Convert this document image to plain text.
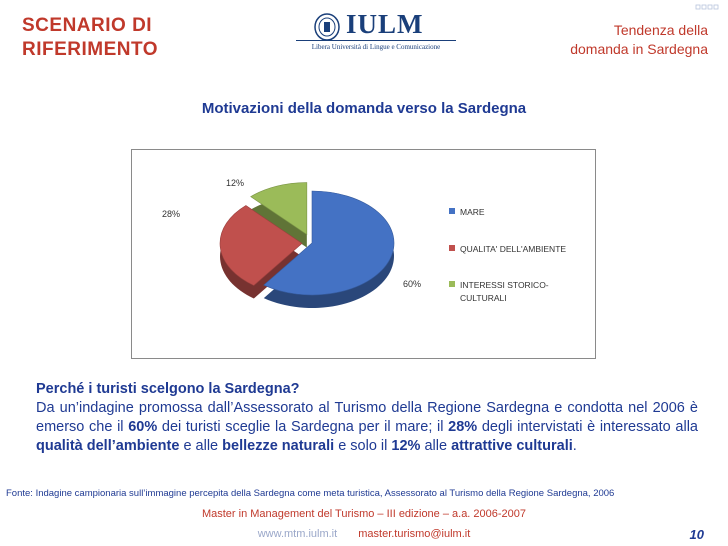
SCENARIO DI
RIFERIMENTO
IULM
Libera Università di Lingue e Comunicazione
Tendenza della
domanda in Sardegna
Motivazioni della domanda verso la Sardegna
60%
28%
12%
MARE
QUALITA' DELL'AMBIENTE
INTERESSI STORICO-
CULTURALI
Perché i turisti scelgono la Sardegna?
Da un’indagine promossa dall’Assessorato al Turismo della Regione Sardegna e condotta nel 2006 è emerso che il 60% dei turisti sceglie la Sardegna per il mare; il 28% degli intervistati è interessato alla qualità dell’ambiente e alle bellezze naturali e solo il 12% alle attrattive culturali.
Fonte: Indagine campionaria sull’immagine percepita della Sardegna come meta turistica, Assessorato al Turismo della Regione Sardegna, 2006
Master in Management del Turismo – III edizione – a.a. 2006-2007
www.mtm.iulm.it master.turismo@iulm.it	10
